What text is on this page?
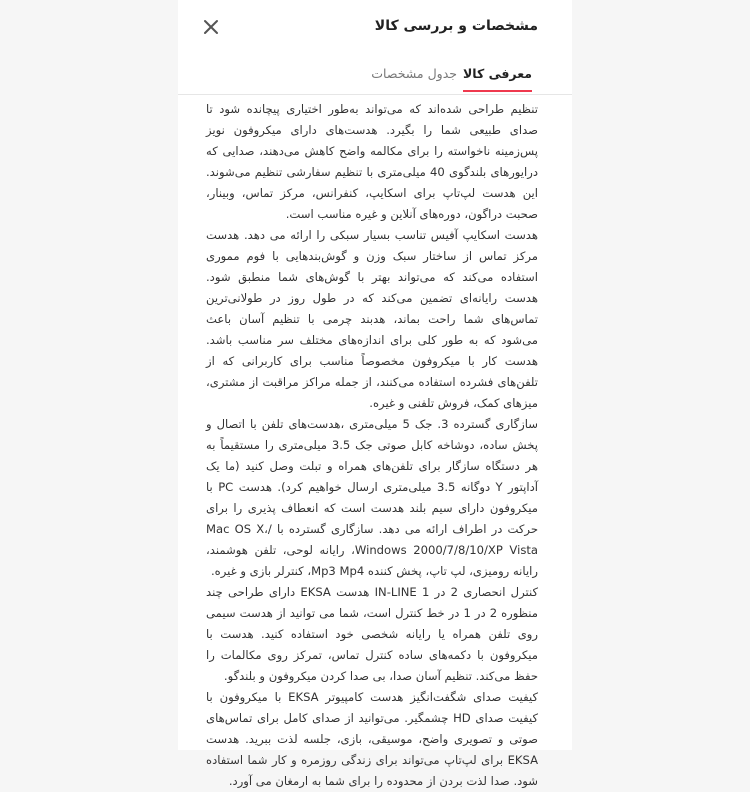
مشخصات و بررسی کالا
معرفی کالا
جدول مشخصات

تنظیم طراحی شده‌اند که می‌تواند به‌طور اختیاری پیچانده شود تا صدای طبیعی شما را بگیرد. هدست‌های دارای میکروفون نویز پس‌زمینه ناخواسته را برای مکالمه واضح کاهش می‌دهند، صدایی که درایورهای بلندگوی 40 میلی‌متری با تنظیم سفارشی تنظیم می‌شوند. این هدست لپ‌تاپ برای اسکایپ، کنفرانس، مرکز تماس، وبینار، صحبت دراگون، دوره‌های آنلاین و غیره مناسب است.

هدست اسکایپ آفیس تناسب بسیار سبکی را ارائه می دهد. هدست مرکز تماس از ساختار سبک وزن و گوش‌بندهایی با فوم مموری استفاده می‌کند که می‌تواند بهتر با گوش‌های شما منطبق شود. هدست رایانه‌ای تضمین می‌کند که در طول روز در طولانی‌ترین تماس‌های شما راحت بماند، هدبند چرمی با تنظیم آسان باعث می‌شود که به طور کلی برای اندازه‌های مختلف سر مناسب باشد. هدست کار با میکروفون مخصوصاً مناسب برای کاربرانی که از تلفن‌های فشرده استفاده می‌کنند، از جمله مراکز مراقبت از مشتری، میزهای کمک، فروش تلفنی و غیره.

سازگاری گسترده 3. جک 5 میلی‌متری ،هدست‌های تلفن با اتصال و پخش ساده، دوشاخه کابل صوتی جک 3.5 میلی‌متری را مستقیماً به هر دستگاه سازگار برای تلفن‌های همراه و تبلت وصل کنید (ما یک آداپتور Y دوگانه 3.5 میلی‌متری ارسال خواهیم کرد). هدست PC با میکروفون دارای سیم بلند هدست است که انعطاف پذیری را برای حرکت در اطراف ارائه می دهد. سازگاری گسترده با /Mac OS X، Windows 2000/7/8/10/XP Vista، رایانه لوحی، تلفن هوشمند، رایانه رومیزی، لپ تاپ، پخش کننده Mp3 Mp4، کنترلر بازی و غیره.

کنترل انحصاری 2 در IN-LINE 1 هدست EKSA دارای طراحی چند منظوره 2 در 1 در خط کنترل است، شما می توانید از هدست سیمی روی تلفن همراه یا رایانه شخصی خود استفاده کنید. هدست با میکروفون با دکمه‌های ساده کنترل تماس، تمرکز روی مکالمات را حفظ می‌کند. تنظیم آسان صدا، بی صدا کردن میکروفون و بلندگو.

کیفیت صدای شگفت‌انگیز هدست کامپیوتر EKSA با میکروفون با کیفیت صدای HD چشمگیر. می‌توانید از صدای کامل برای تماس‌های صوتی و تصویری واضح، موسیقی، بازی، جلسه لذت ببرید. هدست EKSA برای لپ‌تاپ می‌تواند برای زندگی روزمره و کار شما استفاده شود. صدا لذت بردن از محدوده را برای شما به ارمغان می آورد.
